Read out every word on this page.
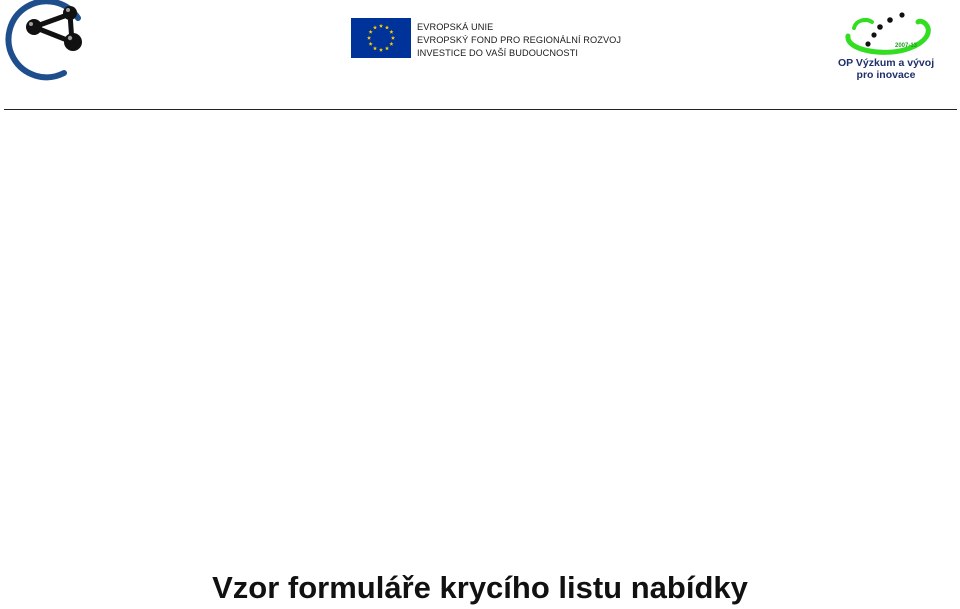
EVROPSKÁ UNIE
EVROPSKÝ FOND PRO REGIONÁLNÍ ROZVOJ
INVESTICE DO VAŠÍ BUDOUCNOSTI
2007-13
OP Výzkum a vývoj
pro inovace
Vzor formuláře krycího listu nabídky
